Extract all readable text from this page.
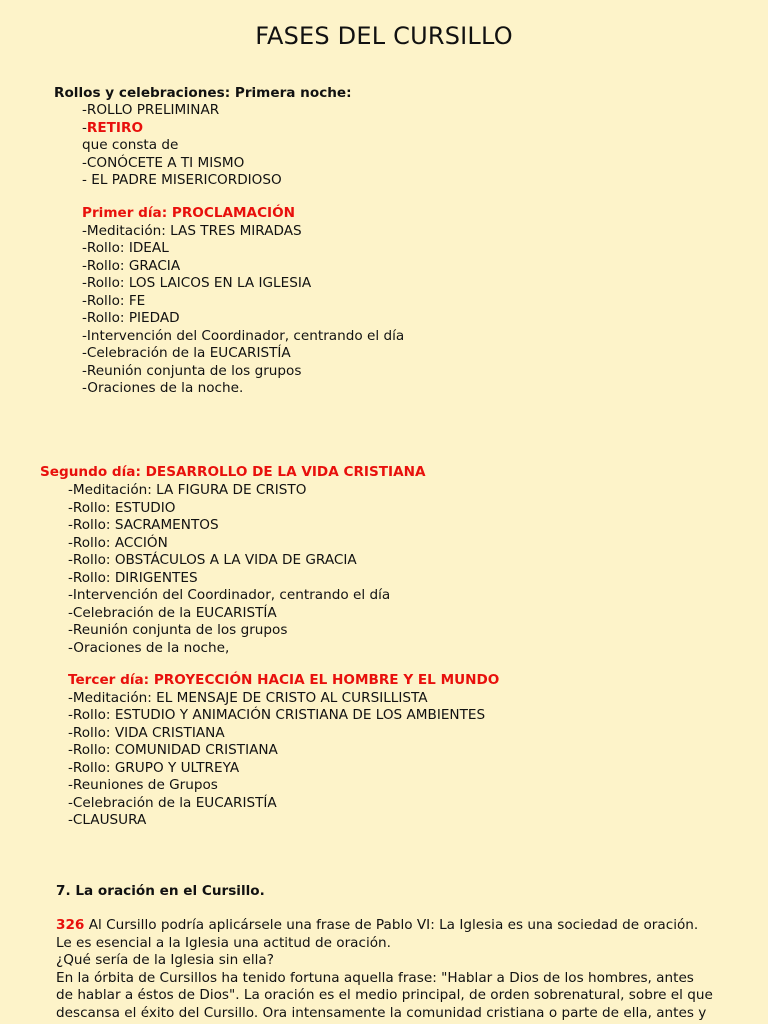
FASES DEL CURSILLO
Rollos y celebraciones: Primera noche:
-ROLLO PRELIMINAR
-RETIRO
que consta de
-CONÓCETE A TI MISMO
- EL PADRE MISERICORDIOSO
Primer día: PROCLAMACIÓN
-Meditación: LAS TRES MIRADAS
-Rollo: IDEAL
-Rollo: GRACIA
-Rollo: LOS LAICOS EN LA IGLESIA
-Rollo: FE
-Rollo: PIEDAD
-Intervención del Coordinador, centrando el día
-Celebración de la EUCARISTÍA
-Reunión conjunta de los grupos
-Oraciones de la noche.
Segundo día: DESARROLLO DE LA VIDA CRISTIANA
-Meditación: LA FIGURA DE CRISTO
-Rollo: ESTUDIO
-Rollo: SACRAMENTOS
-Rollo: ACCIÓN
-Rollo: OBSTÁCULOS A LA VIDA DE GRACIA
-Rollo: DIRIGENTES
-Intervención del Coordinador, centrando el día
-Celebración de la EUCARISTÍA
-Reunión conjunta de los grupos
-Oraciones de la noche,
Tercer día: PROYECCIÓN HACIA EL HOMBRE Y EL MUNDO
-Meditación: EL MENSAJE DE CRISTO AL CURSILLISTA
-Rollo: ESTUDIO Y ANIMACIÓN CRISTIANA DE LOS AMBIENTES
-Rollo: VIDA CRISTIANA
-Rollo: COMUNIDAD CRISTIANA
-Rollo: GRUPO Y ULTREYA
-Reuniones de Grupos
-Celebración de la EUCARISTÍA
-CLAUSURA
7. La oración en el Cursillo.
326 Al Cursillo podría aplicársele una frase de Pablo VI: La Iglesia es una sociedad de oración.
Le es esencial a la Iglesia una actitud de oración.
¿Qué sería de la Iglesia sin ella?
En la órbita de Cursillos ha tenido fortuna aquella frase: "Hablar a Dios de los hombres, antes
de hablar a éstos de Dios". La oración es el medio principal, de orden sobrenatural, sobre el que
descansa el éxito del Cursillo. Ora intensamente la comunidad cristiana o parte de ella, antes y
